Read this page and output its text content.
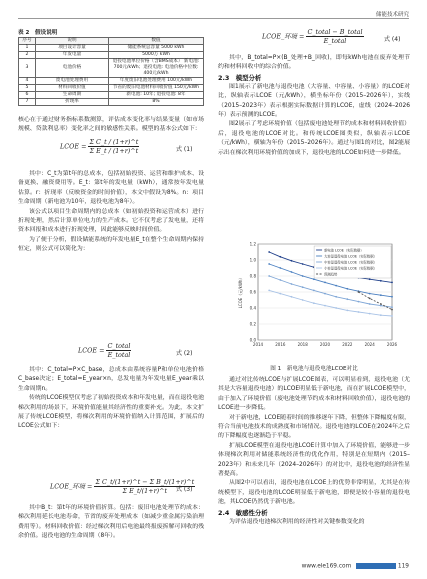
储能技术研究
表 2　假设说明
序号	说明	数值
1	项目设计容量	储能系统总容量 5000 kWh
2	年发电量	5000万 kWh
3	电池价格	退役电池单位价格（含BMS成本） 新电池: 700元/kWh；退役电池: 电池价格中位数: 400元/kWh
4	废电池处理费用	年度废旧电池处理费用 100元/kWh
5	材料回收价值	节省的废旧电池材料回收价值 150元/kWh
6	生命周期	新电池: 10年; 退役电池: 8年
7	折现率	8%

核心在于通过财务指标系数测算，评估成本变化率与结果变量（如市场规模、贷款利息率）变化率之间的敏感性关系。模型的基本公式如下：

LCOE = $\frac{\text{Σ C\_t / (1+r)\textasciicircum{}t}}{\text{Σ E\_t / (1+r)\textasciicircum{}t}}$	式 (1)

其中：C_t为第t年的总成本，包括初始投资、运营和维护成本、设备更换、融资费用等。E_t：第t年的发电量（kWh），通常按年发电量估算。r：折现率（反映资金的时间价值），本文中假设为8%。n：项目生命周期（新电池为10年，退役电池为8年）。

该公式以项目生命周期内的总成本（如初始投资和运营成本）进行折现处理，然后计算单位电力的生产成本。它不仅考虑了发电量，还将资本回报和成本进行折现处理，因此能够反映时间价值。

为了便于分析，假设储能系统的年发电量E_t在整个生命周期内保持恒定，则公式可以简化为：

LCOE = $\frac{\text{C\_total}}{\text{E\_total}}$	式 (2)

其中：C_total=P×C_base，总成本由系统容量P和单位电池价格C_base决定；E_total=E_year×n，总发电量为年发电量E_year乘以生命周期n。

传统的LCOE模型仅考虑了初始投资成本和年发电量，而在退役电池梯次利用的场景下，环境价值能量其经济性的重要补充。为此，本文扩展了传统LCOE模型，将梯次利用的环境价值纳入计算范围，扩展后的LCOE公式如下：

LCOE_环境 = $\frac{\text{Σ C\_t/(1+r)\textasciicircum{}t − Σ B\_t/(1+r)\textasciicircum{}t}}{\text{Σ E\_t/(1+r)\textasciicircum{}t}}$
式 (3)

其中B_t：第t年的环境价值折算。包括：废旧电池处理节约成本：梯次利用延长电池寿命，节省的废弃处理成本（如减少重金属污染治理费用等）。材料回收价值：经过梯次利用后电池最终报废拆解可回收的残余价值。退役电池的生命周期（8年）。

LCOE_环境 = $\frac{\text{C\_total − B\_total}}{\text{E\_total}}$	式 (4)

其中，B_total=P×(B_处理+B_回收)，即每kWh电池在废弃处理节约和材料回收中的综合价值。

2.3　模型分析

图1展示了新电池与退役电池（大容量、中容量、小容量）的LCOE对比，纵轴表示LCOE（元/kWh），横坐标年份（2015–2026年），实线（2015–2023年）表示根据实际数据计算的LCOE，虚线（2024–2026年）表示预测的LCOE。

图2展示了考虑环境价值（包括废电池处理节约成本和材料回收价值）后，退役电池的LCOE对比。和传统LCOE图类似，纵轴表示LCOE（元/kWh），横轴为年份（2015–2026年）。通过与图1的对比，图2能展示出在梯次利用环境价值的加成下，退役电池的LCOE如何进一步降低。

0.0
0.2
0.4
0.6
0.8
1.0
1.2
2014	2016	2018	2020	2022	2024	2026
LCOE（元/kWh）
新电池 LCOE（实际数据）
大容量退役电池 LCOE（实际数据）
中容量退役电池 LCOE（实际数据）
小容量退役电池 LCOE（实际数据）
预测趋势
图 1　新电池与退役电池LCOE对比

通过对比传统LCOE与扩展LCOE图表，可以明显看到，退役电池（尤其是大容量退役电池）的LCOE明显低于新电池，而在扩展LCOE模型中，由于加入了环境价值（废电池处理节约成本和材料回收价值），退役电池的LCOE进一步降低。

对于新电池，LCOE随着时间的推移逐年下降，但整体下降幅度有限，符合当前电池技术的成熟度和市场情况。退役电池的LCOE在2024年之后的下降幅度也逐渐趋于平稳。

扩展LCOE模型在退役电池LCOE计算中加入了环境价值，能够进一步体现梯次利用对储能系统经济性的优化作用，特别是在短期内（2015–2023年）和未来几年（2024–2026年）的对比中，退役电池的经济性显著提高。

从图2中可以看出，退役电池在LCOE上的优势非常明显，尤其是在传统模型下，退役电池的LCOE明显低于新电池，即便是较小容量的退役电池，其LCOE仍然优于新电池。

2.4　敏感性分析

为评估退役电池梯次利用的经济性对关键参数变化的

www.ele169.com	119
